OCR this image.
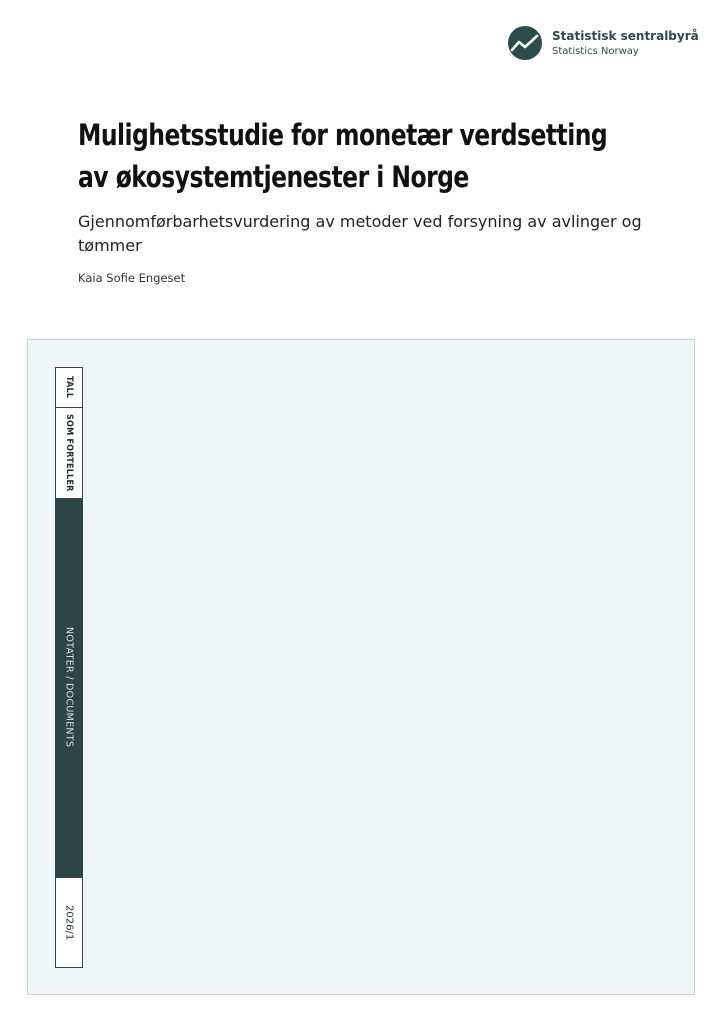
Statistisk sentralbyrå
Statistics Norway
Mulighetsstudie for monetær verdsetting av økosystemtjenester i Norge

Gjennomførbarhetsvurdering av metoder ved forsyning av avlinger og tømmer

Kaia Sofie Engeset

TALL
SOM FORTELLER
NOTATER / DOCUMENTS
2026/1
